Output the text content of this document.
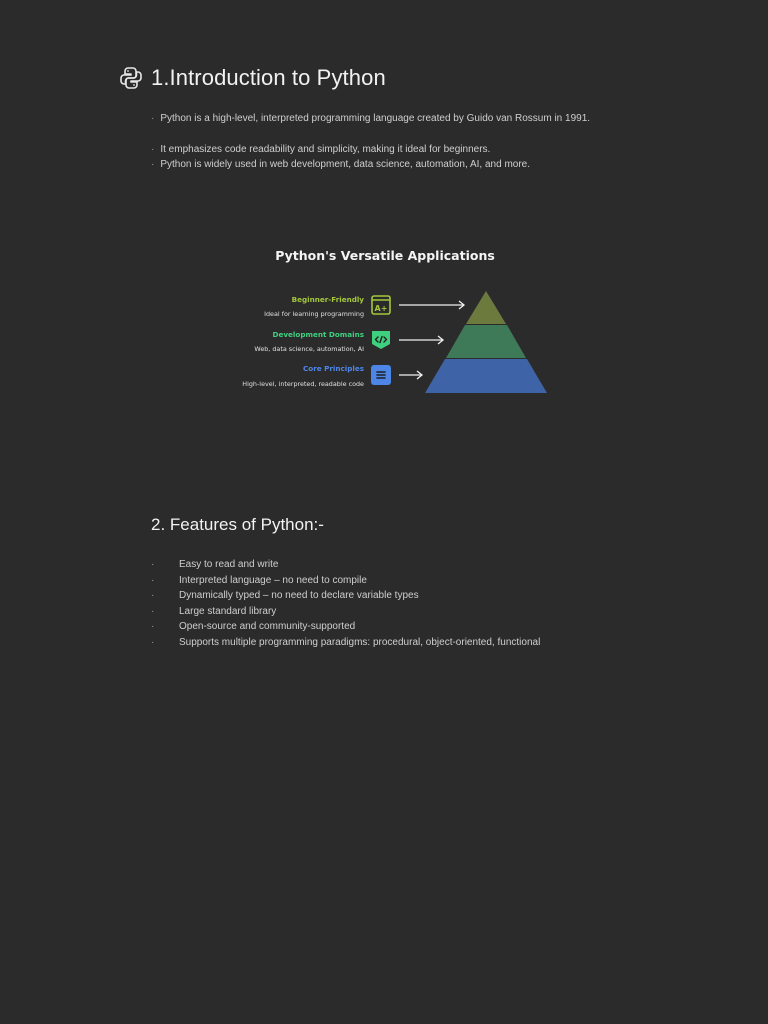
1.Introduction to Python

· Python is a high-level, interpreted programming language created by Guido van Rossum in 1991.

· It emphasizes code readability and simplicity, making it ideal for beginners.

· Python is widely used in web development, data science, automation, AI, and more.

Python's Versatile Applications
Beginner-Friendly
Ideal for learning programming
A+
Development Domains
Web, data science, automation, AI
Core Principles
High-level, interpreted, readable code
2. Features of Python:-
·	Easy to read and write
·	Interpreted language – no need to compile
·	Dynamically typed – no need to declare variable types
·	Large standard library
·	Open-source and community-supported
·	Supports multiple programming paradigms: procedural, object-oriented, functional
